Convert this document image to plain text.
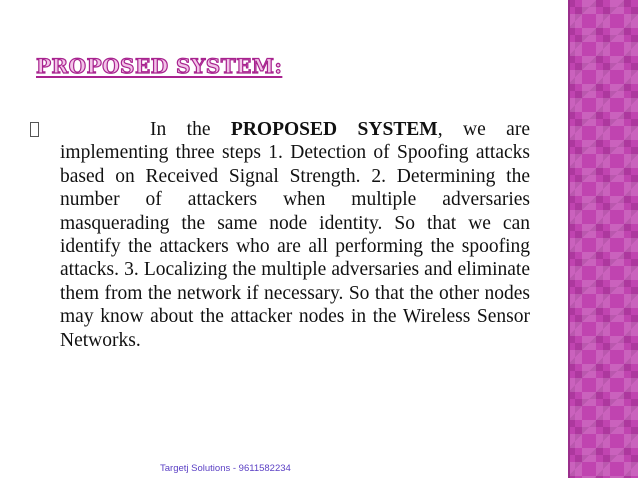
PROPOSED SYSTEM:

In the PROPOSED SYSTEM, we are implementing three steps 1. Detection of Spoofing attacks based on Received Signal Strength. 2. Determining the number of attackers when multiple adversaries masquerading the same node identity. So that we can identify the attackers who are all performing the spoofing attacks. 3. Localizing the multiple adversaries and eliminate them from the network if necessary. So that the other nodes may know about the attacker nodes in the Wireless Sensor Networks.

Targetj Solutions - 9611582234
